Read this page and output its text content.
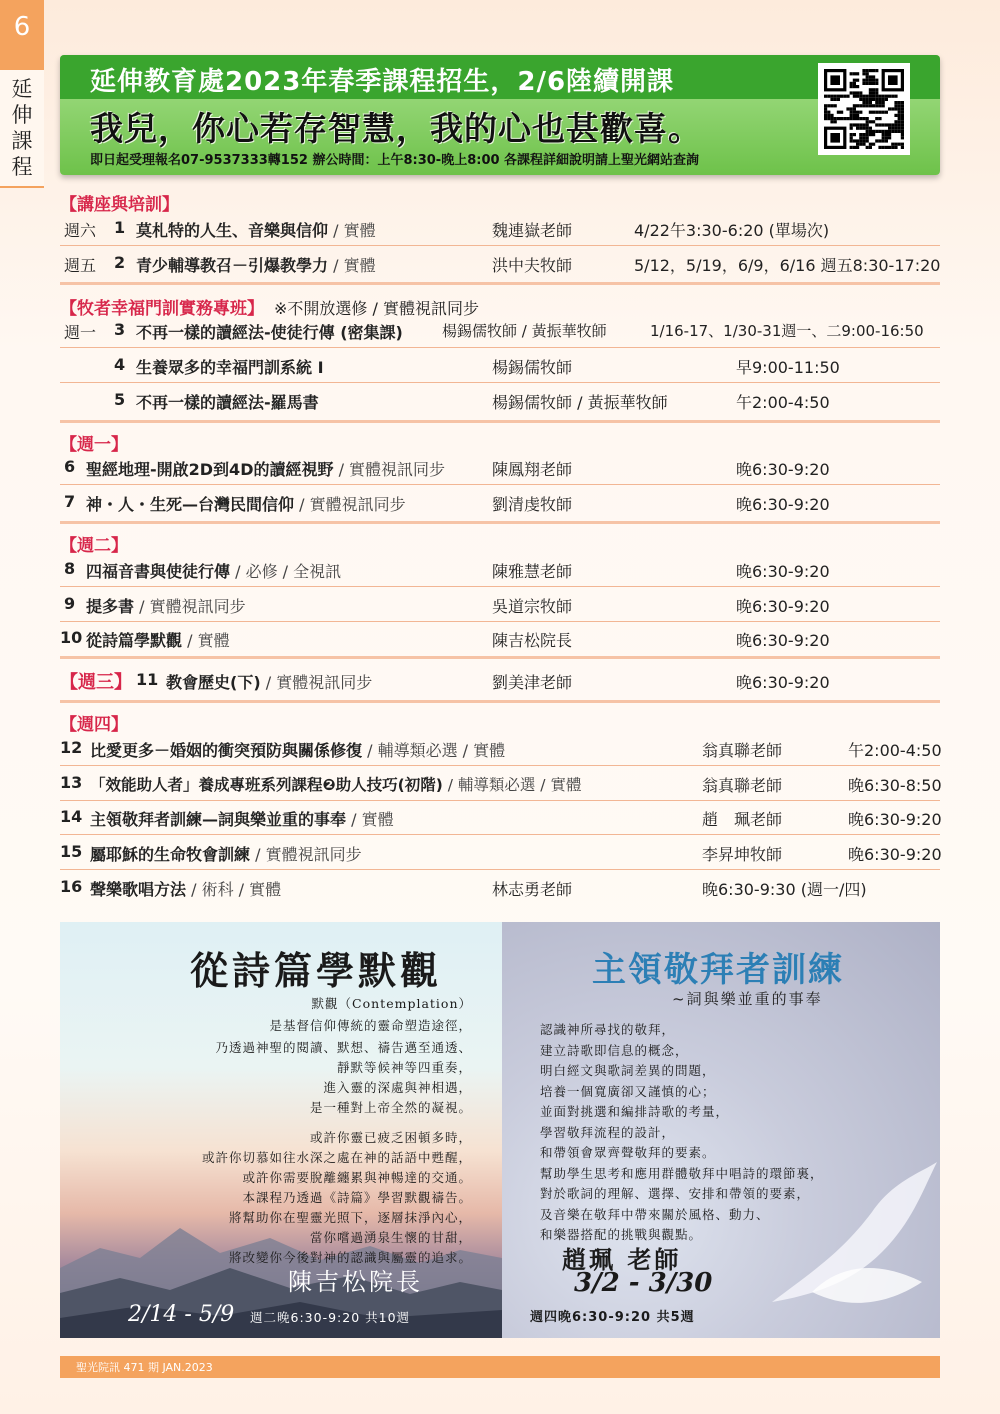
6
延
伸
課
程
延伸教育處2023年春季課程招生，2/6陸續開課
我兒，你心若存智慧，我的心也甚歡喜。
即日起受理報名07-9537333轉152 辦公時間：上午8:30-晚上8:00 各課程詳細說明請上聖光網站查詢
【講座與培訓】
週六 1 莫札特的人生、音樂與信仰 / 實體	魏連嶽老師	4/22午3:30-6:20 (單場次)
週五 2 青少輔導教召－引爆教學力 / 實體	洪中夫牧師	5/12，5/19，6/9，6/16 週五8:30-17:20
【牧者幸福門訓實務專班】 ※不開放選修 / 實體視訊同步
週一 3 不再一樣的讀經法-使徒行傳 (密集課)	楊錫儒牧師 / 黃振華牧師	1/16-17、1/30-31週一、二9:00-16:50
4 生養眾多的幸福門訓系統 I	楊錫儒牧師	早9:00-11:50
5 不再一樣的讀經法-羅馬書	楊錫儒牧師 / 黃振華牧師	午2:00-4:50
【週一】
6 聖經地理-開啟2D到4D的讀經視野 / 實體視訊同步	陳鳳翔老師	晚6:30-9:20
7 神・人・生死—台灣民間信仰 / 實體視訊同步	劉清虔牧師	晚6:30-9:20
【週二】
8 四福音書與使徒行傳 / 必修 / 全視訊	陳雅慧老師	晚6:30-9:20
9 提多書 / 實體視訊同步	吳道宗牧師	晚6:30-9:20
10 從詩篇學默觀 / 實體	陳吉松院長	晚6:30-9:20
【週三】 11 教會歷史(下) / 實體視訊同步	劉美津老師	晚6:30-9:20
【週四】
12 比愛更多－婚姻的衝突預防與關係修復 / 輔導類必選 / 實體	翁真聯老師	午2:00-4:50
13 「效能助人者」養成專班系列課程❷助人技巧(初階) / 輔導類必選 / 實體	翁真聯老師	晚6:30-8:50
14 主領敬拜者訓練—詞與樂並重的事奉 / 實體	趙　珮老師	晚6:30-9:20
15 屬耶穌的生命牧會訓練 / 實體視訊同步	李昇坤牧師	晚6:30-9:20
16 聲樂歌唱方法 / 術科 / 實體	林志勇老師	晚6:30-9:30 (週一/四)
從詩篇學默觀
默觀（Contemplation）
是基督信仰傳統的靈命塑造途徑，
乃透過神聖的閱讀、默想、禱告邁至通透、
靜默等候神等四重奏，
進入靈的深處與神相遇，
是一種對上帝全然的凝視。
或許你靈已疲乏困頓多時，
或許你切慕如往水深之處在神的話語中甦醒，
或許你需要脫離纏累與神暢達的交通。
本課程乃透過《詩篇》學習默觀禱告。
將幫助你在聖靈光照下，逐層抹淨內心，
當你嚐過湧泉生懷的甘甜，
將改變你今後對神的認識與屬靈的追求。
陳吉松院長
2/14 - 5/9 週二晚6:30-9:20 共10週
主領敬拜者訓練
~詞與樂並重的事奉
認識神所尋找的敬拜，
建立詩歌即信息的概念，
明白經文與歌詞差異的問題，
培養一個寬廣卻又謹慎的心；
並面對挑選和編排詩歌的考量，
學習敬拜流程的設計，
和帶領會眾齊聲敬拜的要素。
幫助學生思考和應用群體敬拜中唱詩的環節裏，
對於歌詞的理解、選擇、安排和帶領的要素，
及音樂在敬拜中帶來關於風格、動力、
和樂器搭配的挑戰與觀點。
趙珮 老師
3/2 - 3/30
週四晚6:30-9:20 共5週
聖光院訊 471 期 JAN.2023
